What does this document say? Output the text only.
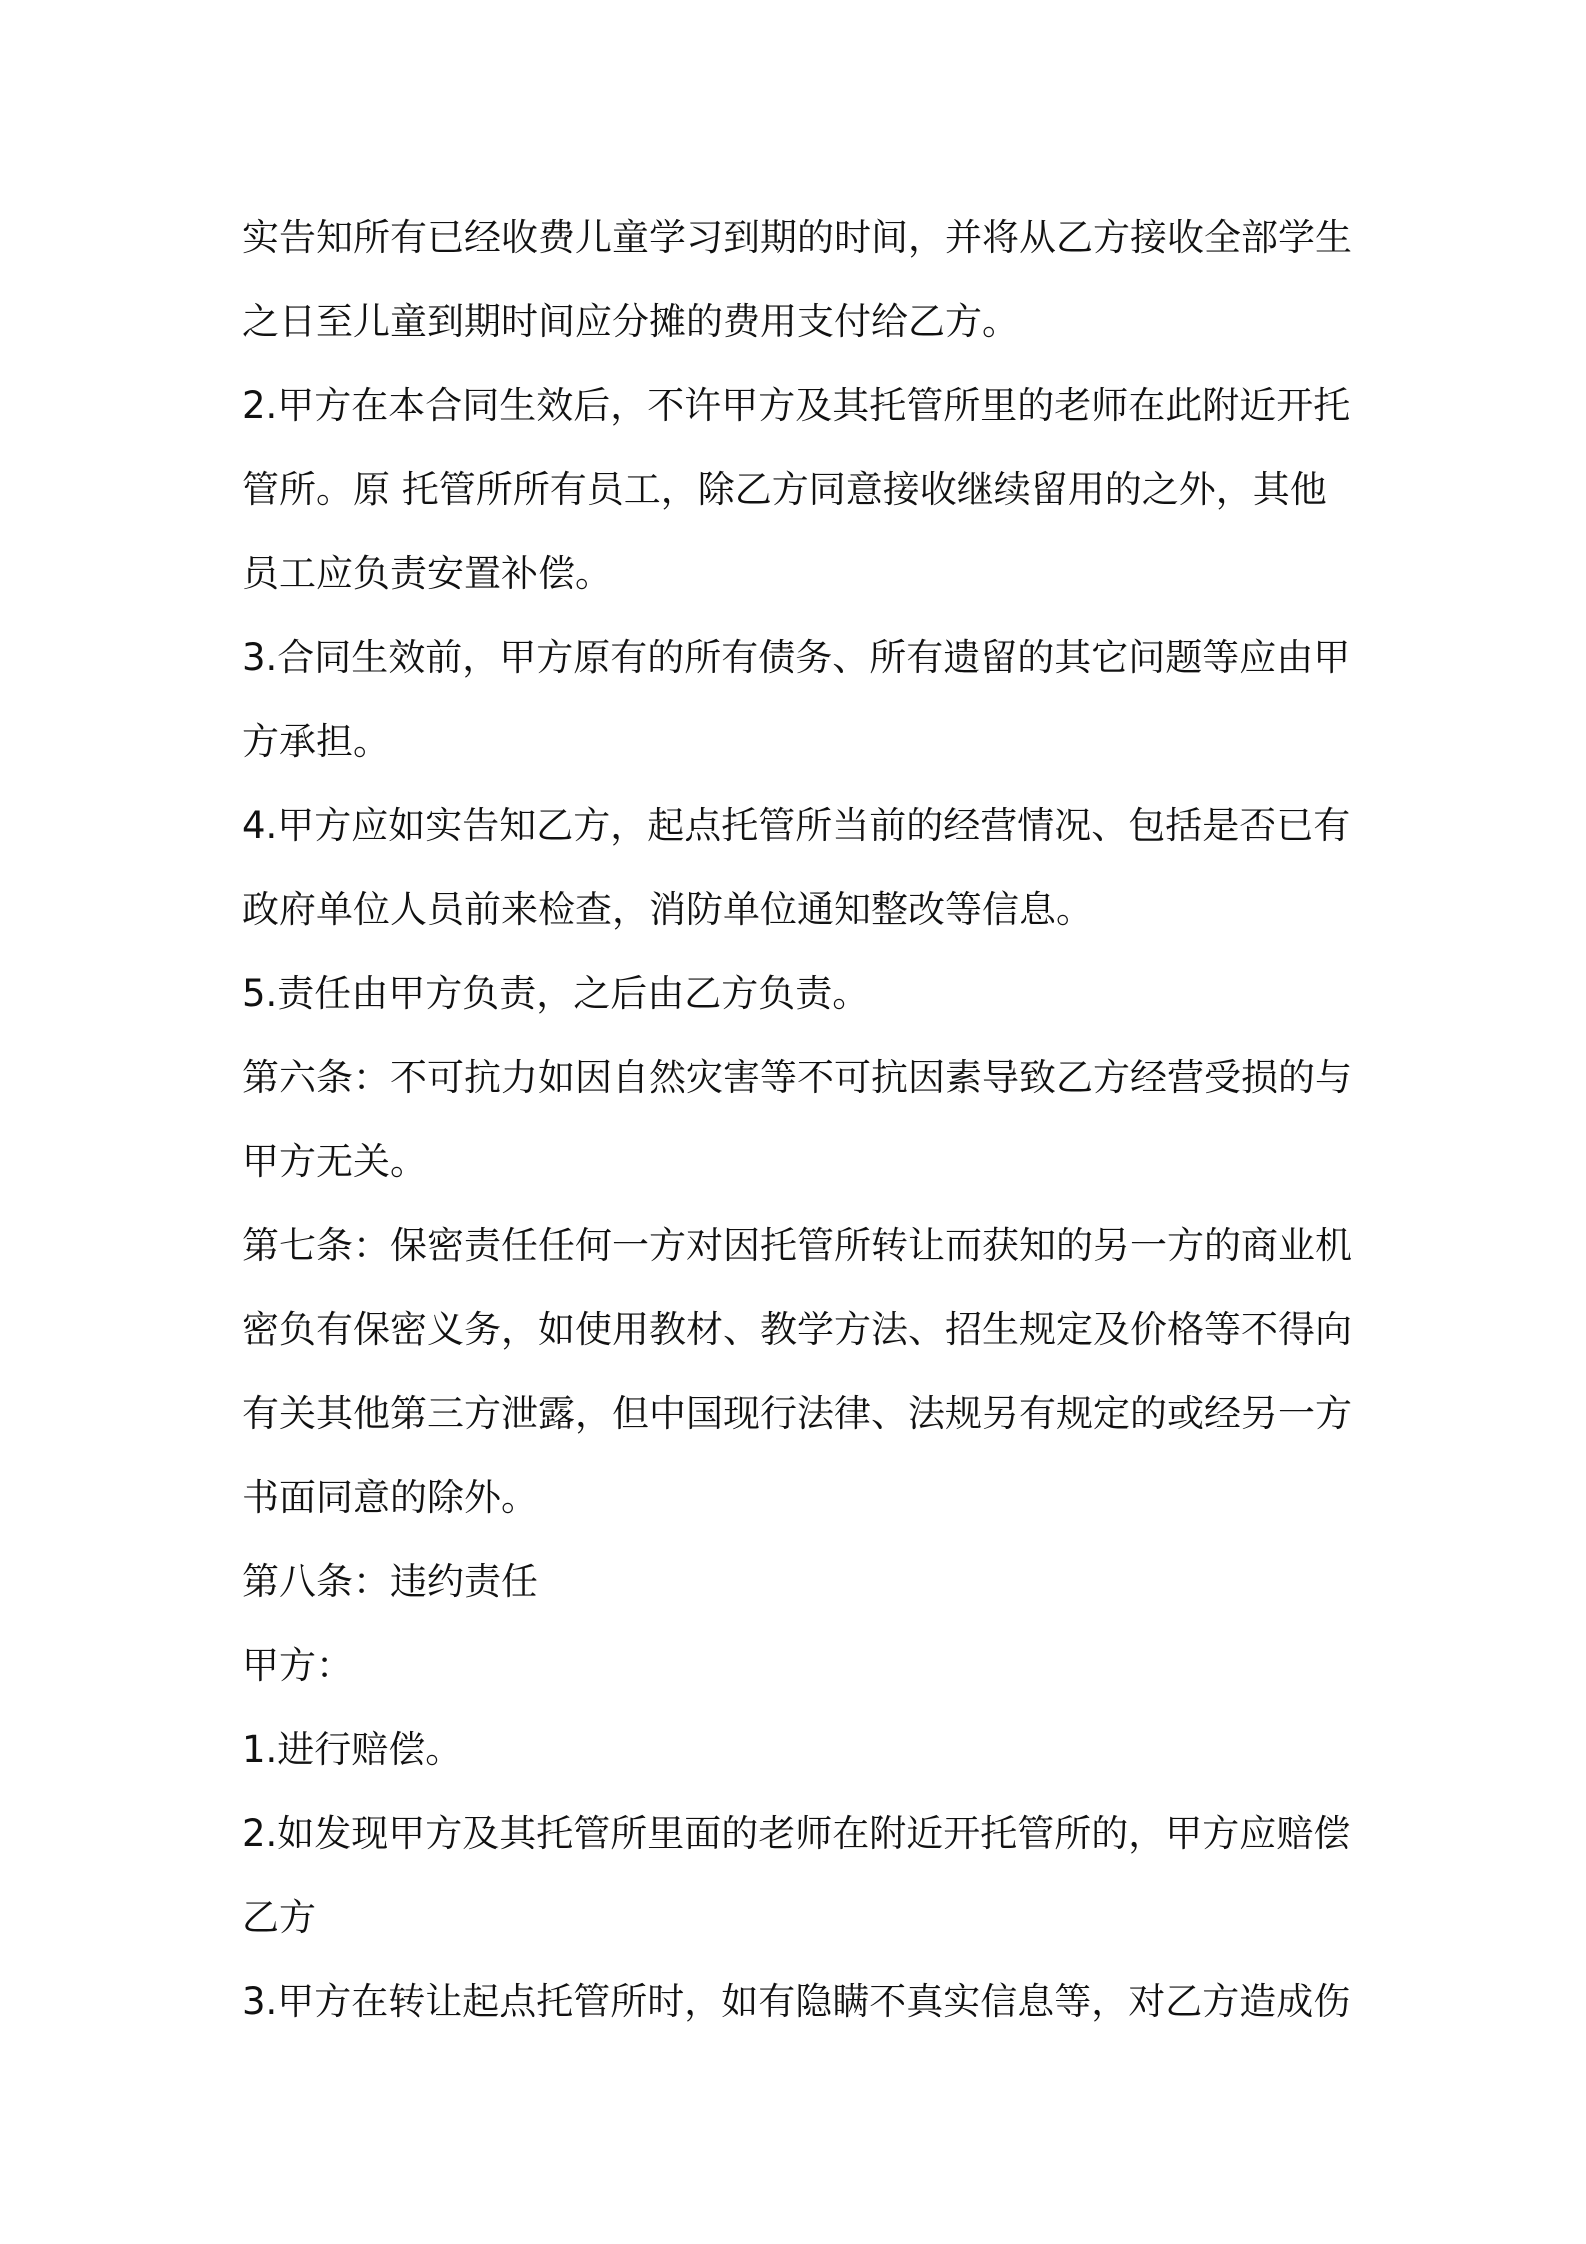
实告知所有已经收费儿童学习到期的时间，并将从乙方接收全部学生
之日至儿童到期时间应分摊的费用支付给乙方。
2.甲方在本合同生效后，不许甲方及其托管所里的老师在此附近开托
管所。原 托管所所有员工，除乙方同意接收继续留用的之外，其他
员工应负责安置补偿。
3.合同生效前，甲方原有的所有债务、所有遗留的其它问题等应由甲
方承担。
4.甲方应如实告知乙方，起点托管所当前的经营情况、包括是否已有
政府单位人员前来检查，消防单位通知整改等信息。
5.责任由甲方负责，之后由乙方负责。
第六条：不可抗力如因自然灾害等不可抗因素导致乙方经营受损的与
甲方无关。
第七条：保密责任任何一方对因托管所转让而获知的另一方的商业机
密负有保密义务，如使用教材、教学方法、招生规定及价格等不得向
有关其他第三方泄露，但中国现行法律、法规另有规定的或经另一方
书面同意的除外。
第八条：违约责任
甲方：
1.进行赔偿。
2.如发现甲方及其托管所里面的老师在附近开托管所的，甲方应赔偿
乙方
3.甲方在转让起点托管所时，如有隐瞒不真实信息等，对乙方造成伤
